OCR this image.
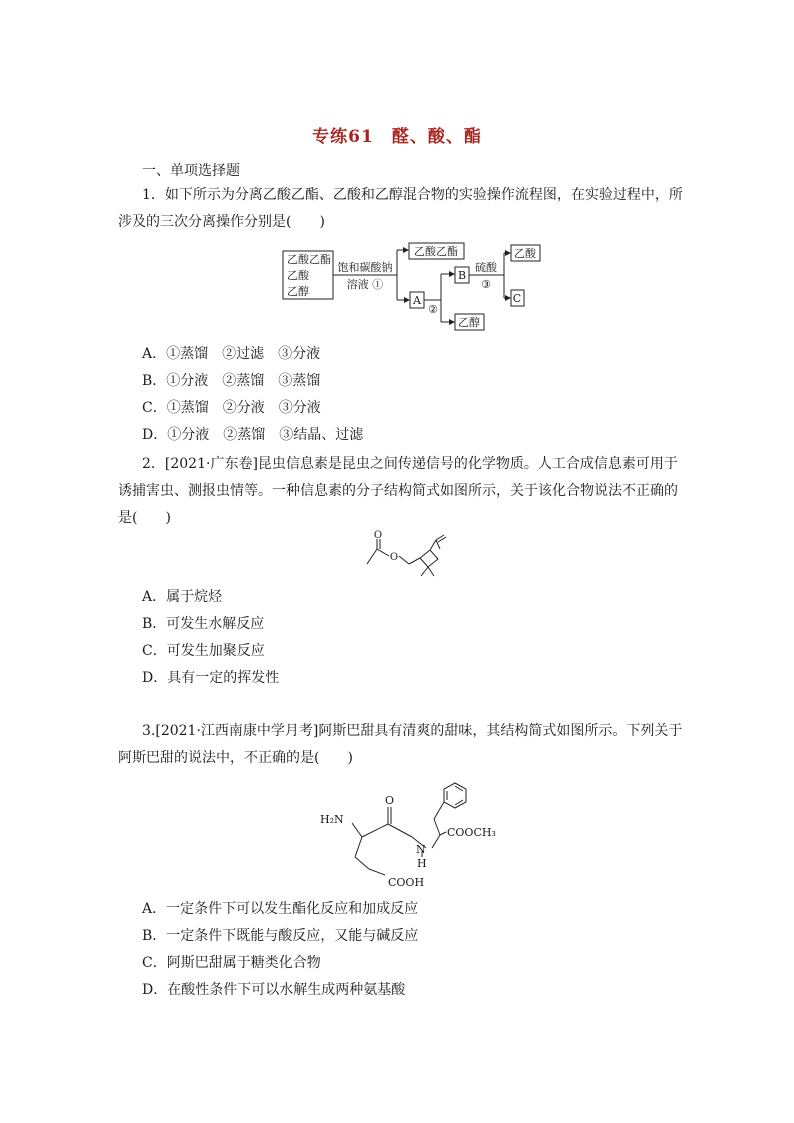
专练61　醛、酸、酯
一、单项选择题
1．如下所示为分离乙酸乙酯、乙酸和乙醇混合物的实验操作流程图，在实验过程中，所涉及的三次分离操作分别是(　　)
乙酸乙酯
乙酸
乙醇
饱和碳酸钠
溶液 ①
乙酸乙酯
A
②
B
乙醇
硫酸
③
乙酸
C
A．①蒸馏　②过滤　③分液
B．①分液　②蒸馏　③蒸馏
C．①蒸馏　②分液　③分液
D．①分液　②蒸馏　③结晶、过滤
2．[2021·广东卷]昆虫信息素是昆虫之间传递信号的化学物质。人工合成信息素可用于诱捕害虫、测报虫情等。一种信息素的分子结构简式如图所示，关于该化合物说法不正确的是(　　)
O
O
A．属于烷烃
B．可发生水解反应
C．可发生加聚反应
D．具有一定的挥发性
3.[2021·江西南康中学月考]阿斯巴甜具有清爽的甜味，其结构简式如图所示。下列关于阿斯巴甜的说法中，不正确的是(　　)
H₂N
O
N
H
COOCH₃
COOH
A．一定条件下可以发生酯化反应和加成反应
B．一定条件下既能与酸反应，又能与碱反应
C．阿斯巴甜属于糖类化合物
D．在酸性条件下可以水解生成两种氨基酸
